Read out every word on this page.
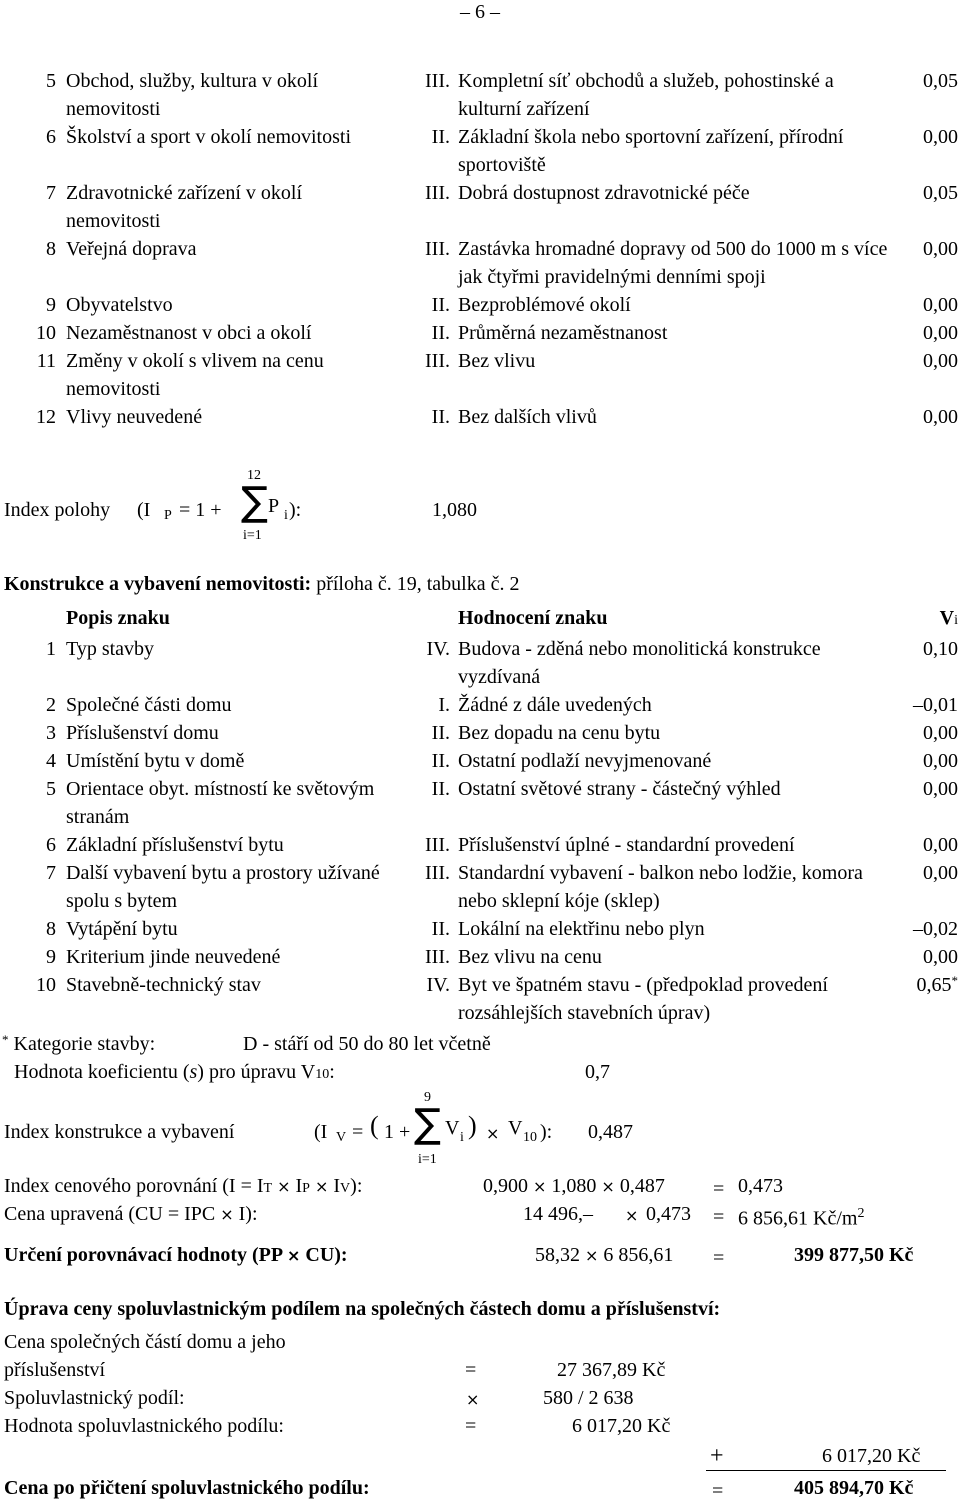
– 6 –
5	Obchod, služby, kultura v okolí nemovitosti	III.	Kompletní síť obchodů a služeb, pohostinské a kulturní zařízení	0,05
6	Školství a sport v okolí nemovitosti	II.	Základní škola nebo sportovní zařízení, přírodní sportoviště	0,00
7	Zdravotnické zařízení v okolí nemovitosti	III.	Dobrá dostupnost zdravotnické péče	0,05
8	Veřejná doprava	III.	Zastávka hromadné dopravy od 500 do 1000 m s více jak čtyřmi pravidelnými denními spoji	0,00
9	Obyvatelstvo	II.	Bezproblémové okolí	0,00
10	Nezaměstnanost v obci a okolí	II.	Průměrná nezaměstnanost	0,00
11	Změny v okolí s vlivem na cenu nemovitosti	III.	Bez vlivu	0,00
12	Vlivy neuvedené	II.	Bez dalších vlivů	0,00
Index polohy (I P = 1 +
12
∑
i=1
P i ):	1,080
Konstrukce a vybavení nemovitosti: příloha č. 19, tabulka č. 2
	Popis znaku		Hodnocení znaku	Vi
1	Typ stavby	IV.	Budova - zděná nebo monolitická konstrukce vyzdívaná	0,10
2	Společné části domu	I.	Žádné z dále uvedených	–0,01
3	Příslušenství domu	II.	Bez dopadu na cenu bytu	0,00
4	Umístění bytu v domě	II.	Ostatní podlaží nevyjmenované	0,00
5	Orientace obyt. místností ke světovým stranám	II.	Ostatní světové strany - částečný výhled	0,00
6	Základní příslušenství bytu	III.	Příslušenství úplné - standardní provedení	0,00
7	Další vybavení bytu a prostory užívané spolu s bytem	III.	Standardní vybavení - balkon nebo lodžie, komora nebo sklepní kóje (sklep)	0,00
8	Vytápění bytu	II.	Lokální na elektřinu nebo plyn	–0,02
9	Kriterium jinde neuvedené	III.	Bez vlivu na cenu	0,00
10	Stavebně-technický stav	IV.	Byt ve špatném stavu - (předpoklad provedení rozsáhlejších stavebních úprav)	0,65*
* Kategorie stavby:	D - stáří od 50 do 80 let včetně
Hodnota koeficientu (s) pro úpravu V10:	0,7
Index konstrukce a vybavení	(I V = ( 1 +
9
∑
i=1
V i ) × V 10 ): 0,487
Index cenového porovnání (I = IT × IP × IV):	0,900 × 1,080 × 0,487 = 0,473
Cena upravená (CU = IPC × I):	14 496,– × 0,473 = 6 856,61 $Kč/m^2$
Určení porovnávací hodnoty (PP × CU):	58,32 × 6 856,61 =	399 877,50 Kč
Úprava ceny spoluvlastnickým podílem na společných částech domu a příslušenství:
Cena společných částí domu a jeho
příslušenství	=	27 367,89 Kč
Spoluvlastnický podíl:	×	580 / 2 638
Hodnota spoluvlastnického podílu:	=	6 017,20 Kč
+	6 017,20 Kč
Cena po přičtení spoluvlastnického podílu:	=	405 894,70 Kč
